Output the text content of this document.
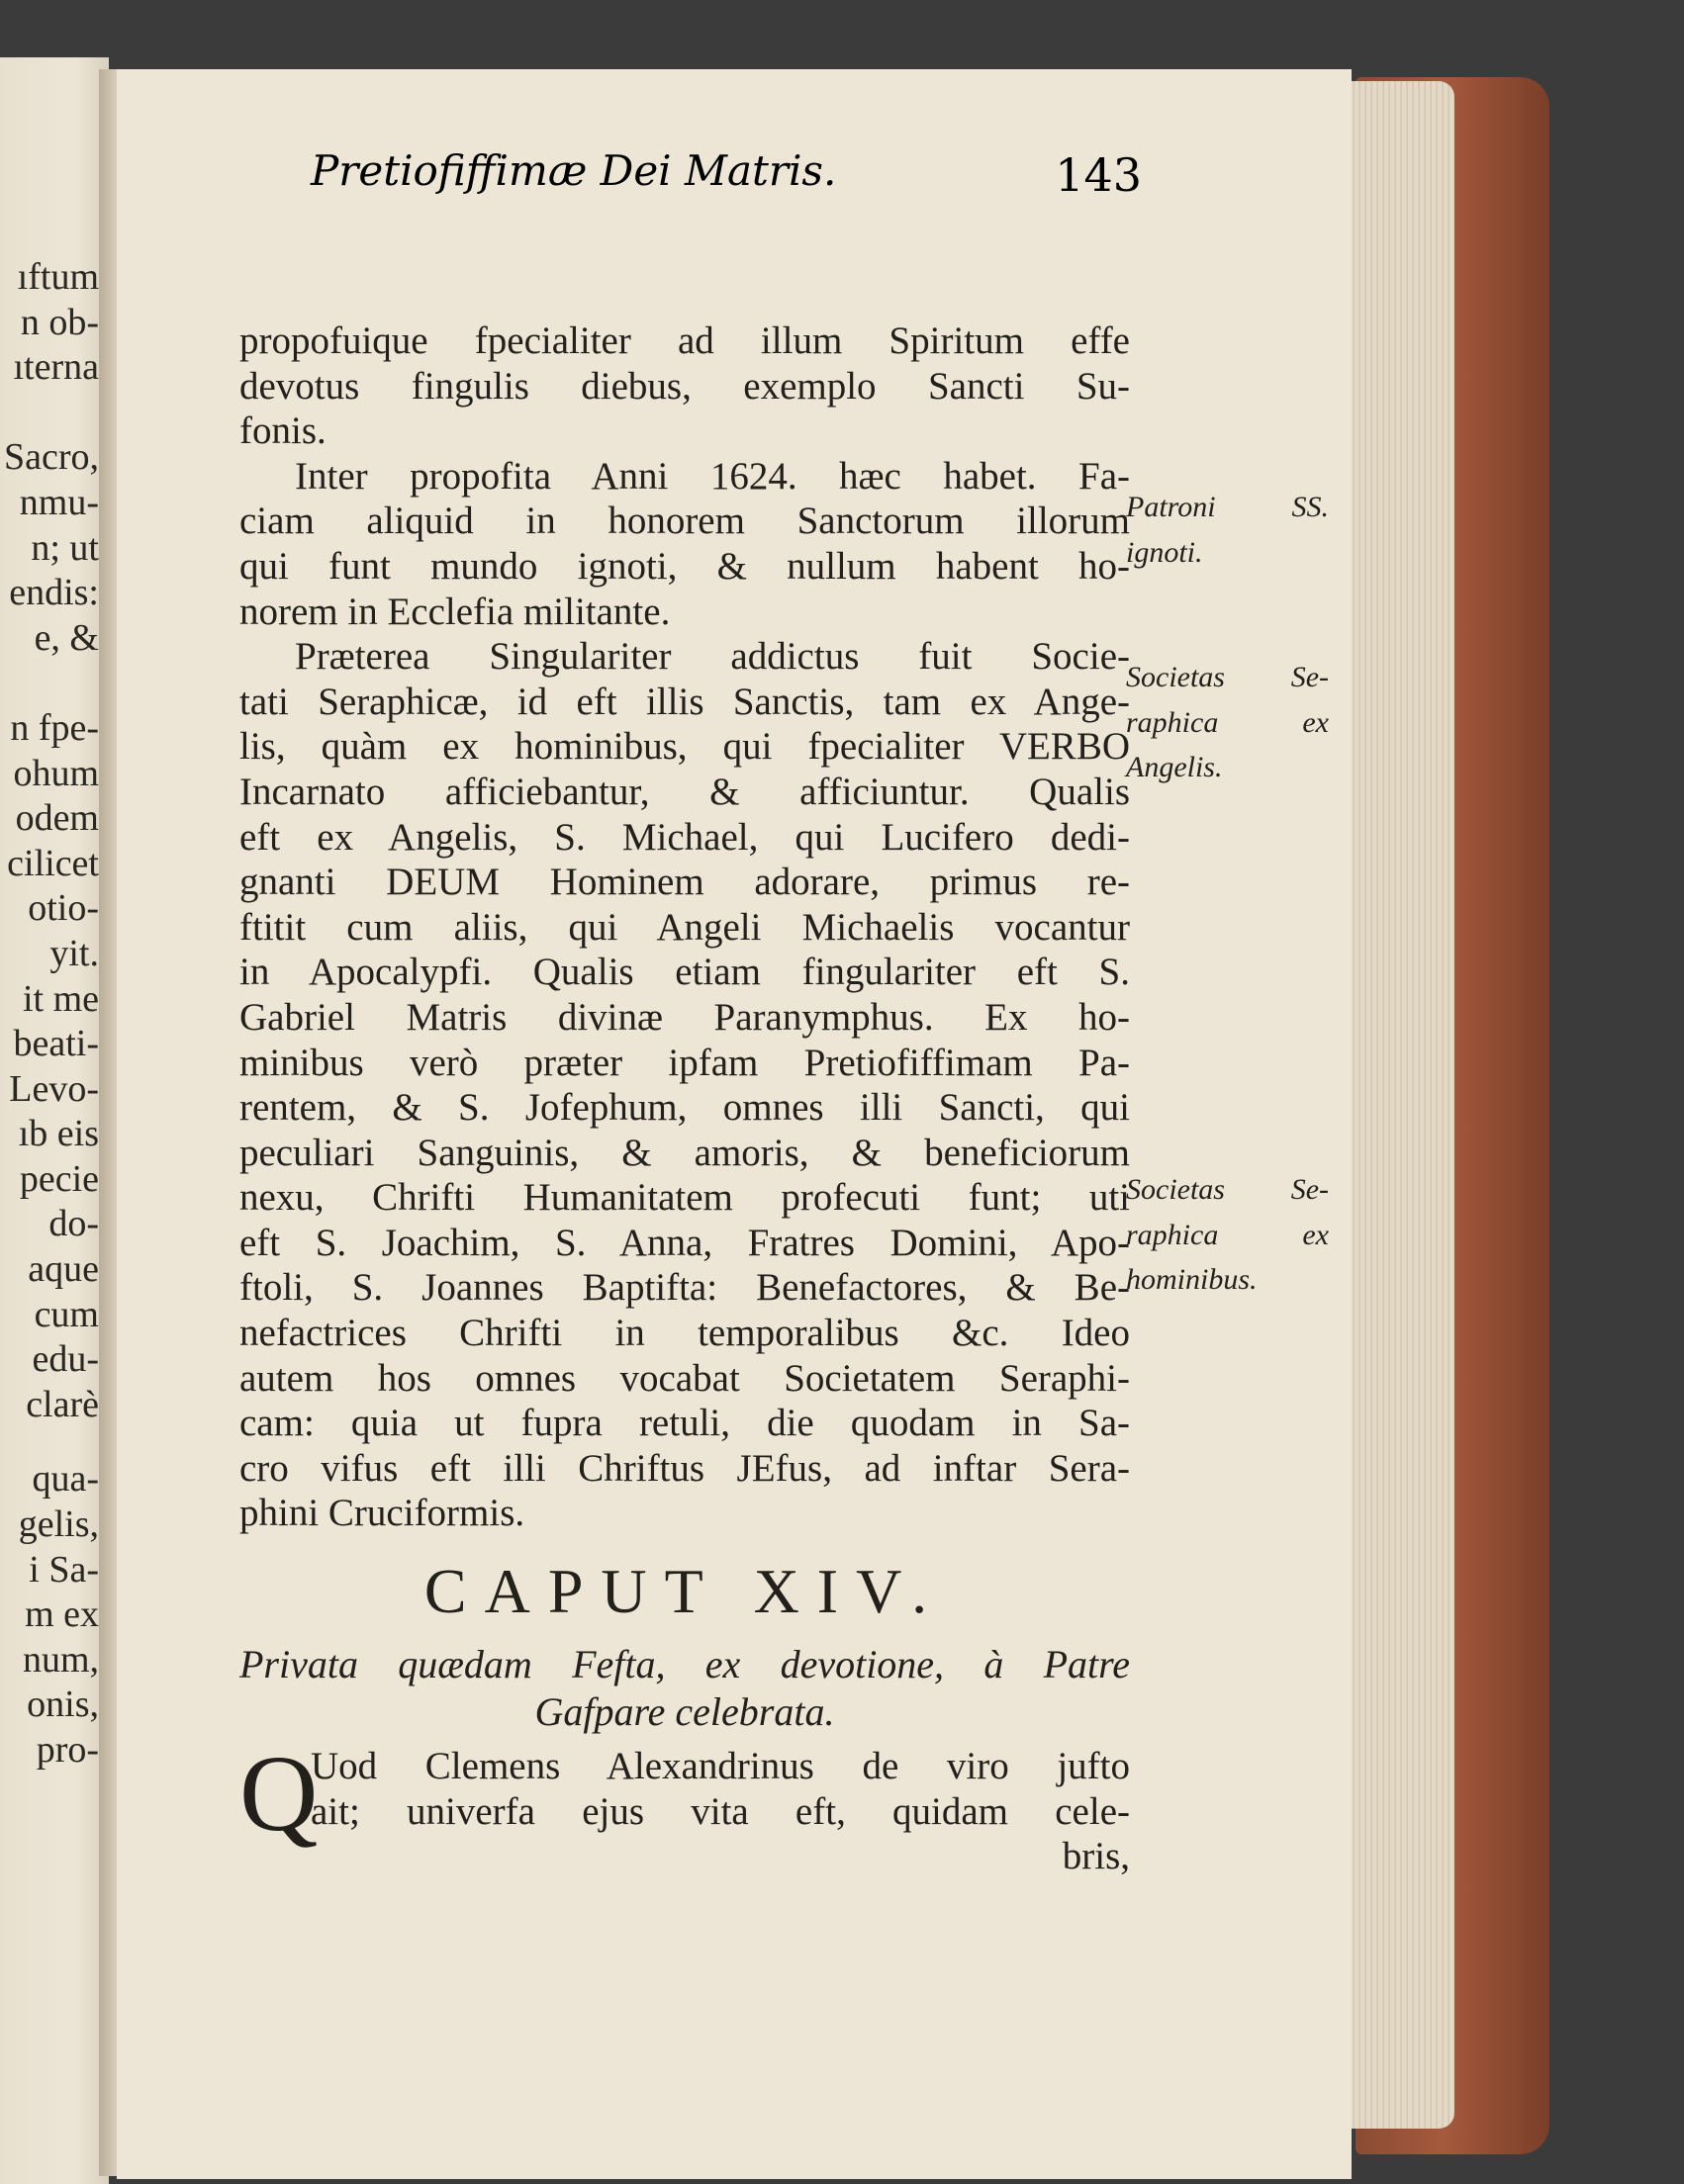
ıftum
n ob-
ıterna

Sacro,
nmu-
n; ut
endis:
e, &

n fpe-
ohum
odem
cilicet
otio-
yit.
it me
beati-
Levo-
ıb eis
pecie
do-
aque
cum
edu-
clarè
qua-
gelis,
i Sa-
m ex
num,
onis,
pro-
Pretiofiffimæ Dei Matris.	143
propofuique fpecialiter ad illum Spiritum effe
devotus fingulis diebus, exemplo Sancti Su-
fonis.
Inter propofita Anni 1624. hæc habet. Fa-
ciam aliquid in honorem Sanctorum illorum
qui funt mundo ignoti, & nullum habent ho-
norem in Ecclefia militante.
Præterea Singulariter addictus fuit Socie-
tati Seraphicæ, id eft illis Sanctis, tam ex Ange-
lis, quàm ex hominibus, qui fpecialiter VERBO
Incarnato afficiebantur, & afficiuntur. Qualis
eft ex Angelis, S. Michael, qui Lucifero dedi-
gnanti DEUM Hominem adorare, primus re-
ftitit cum aliis, qui Angeli Michaelis vocantur
in Apocalypfi. Qualis etiam fingulariter eft S.
Gabriel Matris divinæ Paranymphus. Ex ho-
minibus verò præter ipfam Pretiofiffimam Pa-
rentem, & S. Jofephum, omnes illi Sancti, qui
peculiari Sanguinis, & amoris, & beneficiorum
nexu, Chrifti Humanitatem profecuti funt; uti
eft S. Joachim, S. Anna, Fratres Domini, Apo-
ftoli, S. Joannes Baptifta: Benefactores, & Be-
nefactrices Chrifti in temporalibus &c. Ideo
autem hos omnes vocabat Societatem Seraphi-
cam: quia ut fupra retuli, die quodam in Sa-
cro vifus eft illi Chriftus JEfus, ad inftar Sera-
phini Cruciformis.
CAPUT XIV.
Privata quædam Fefta, ex devotione, à Patre
Gafpare celebrata.
Q
Uod Clemens Alexandrinus de viro jufto
ait; univerfa ejus vita eft, quidam cele-
bris,
Patroni SS.
ignoti.
Societas Se-
raphica ex
Angelis.
Societas Se-
raphica ex
hominibus.
